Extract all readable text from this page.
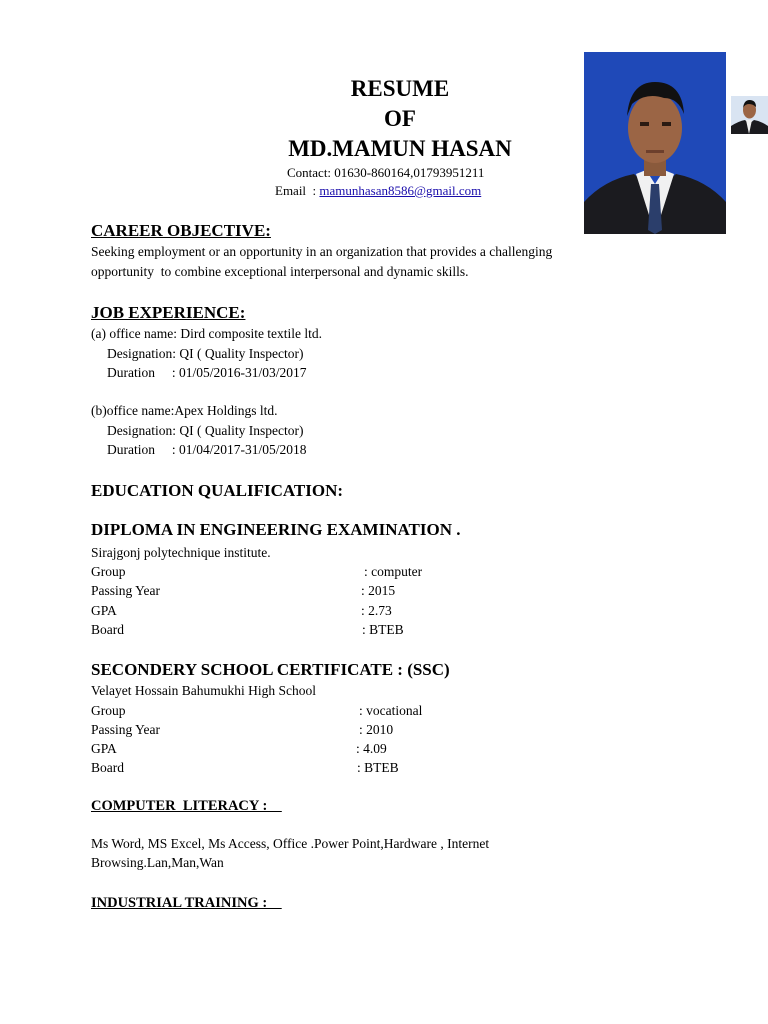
RESUME
OF
MD.MAMUN HASAN
Contact: 01630-860164,01793951211
Email  : mamunhasan8586@gmail.com
CAREER OBJECTIVE:
Seeking employment or an opportunity in an organization that provides a challenging
opportunity  to combine exceptional interpersonal and dynamic skills.
JOB EXPERIENCE:
(a) office name: Dird composite textile ltd.
Designation: QI ( Quality Inspector)
Duration     : 01/05/2016-31/03/2017
(b)office name:Apex Holdings ltd.
Designation: QI ( Quality Inspector)
Duration     : 01/04/2017-31/05/2018
EDUCATION QUALIFICATION:
DIPLOMA IN ENGINEERING EXAMINATION .
Sirajgonj polytechnique institute.
Group	: computer
Passing Year	: 2015
GPA	: 2.73
Board	: BTEB
SECONDERY SCHOOL CERTIFICATE : (SSC)
Velayet Hossain Bahumukhi High School
Group	: vocational
Passing Year	: 2010
GPA	: 4.09
Board	: BTEB
COMPUTER  LITERACY :
Ms Word, MS Excel, Ms Access, Office .Power Point,Hardware , Internet
Browsing.Lan,Man,Wan
INDUSTRIAL TRAINING :
